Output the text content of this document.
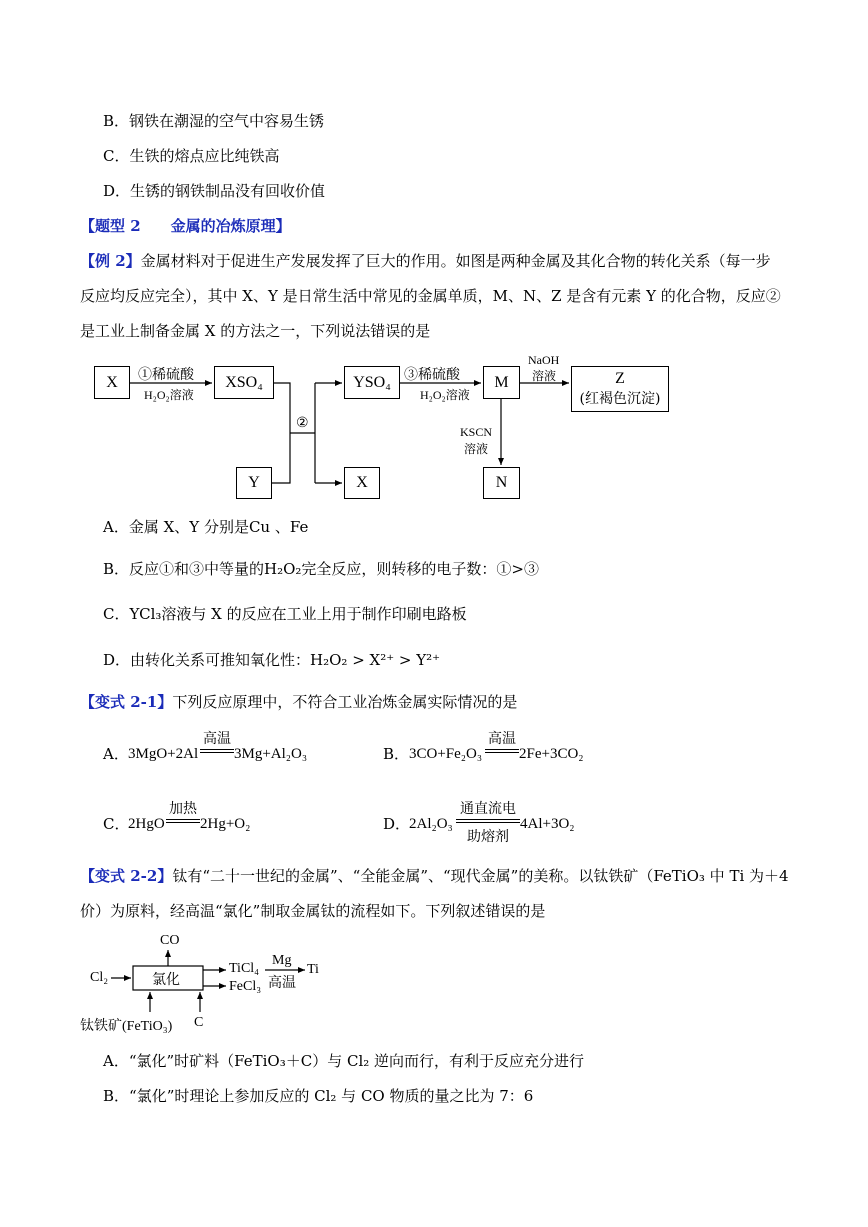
B．钢铁在潮湿的空气中容易生锈
C．生铁的熔点应比纯铁高
D．生锈的钢铁制品没有回收价值
【题型 2　　金属的冶炼原理】
【例 2】金属材料对于促进生产发展发挥了巨大的作用。如图是两种金属及其化合物的转化关系（每一步
反应均反应完全），其中 X、Y 是日常生活中常见的金属单质，M、N、Z 是含有元素 Y 的化合物，反应②
是工业上制备金属 X 的方法之一，下列说法错误的是
X	XSO₄	YSO₄	M	Z
(红褐色沉淀)
Y	X	N
①稀硫酸
H₂O₂溶液
③稀硫酸
H₂O₂溶液
NaOH
溶液
KSCN
溶液
②
A．金属 X、Y 分别是Cu 、Fe
B．反应①和③中等量的H₂O₂完全反应，则转移的电子数：①>③
C．YCl₃溶液与 X 的反应在工业上用于制作印刷电路板
D．由转化关系可推知氧化性：H₂O₂ > X²⁺ > Y²⁺
【变式 2-1】下列反应原理中，不符合工业冶炼金属实际情况的是
A． 3MgO+2Al
高温
3Mg+Al₂O₃	B． 3CO+Fe₂O₃
高温
2Fe+3CO₂
C．
2HgO
加热
2Hg+O₂	D．
2Al₂O₃
通直流电
助熔剂
4Al+3O₂
【变式 2-2】钛有“二十一世纪的金属”、“全能金属”、“现代金属”的美称。以钛铁矿（FeTiO₃ 中 Ti 为＋4
价）为原料，经高温“氯化”制取金属钛的流程如下。下列叙述错误的是
CO
Cl₂	氯化
TiCl₄
FeCl₃
Mg
高温
Ti
钛铁矿(FeTiO₃) C
A．“氯化”时矿料（FeTiO₃＋C）与 Cl₂ 逆向而行，有利于反应充分进行
B．“氯化”时理论上参加反应的 Cl₂ 与 CO 物质的量之比为 7：6
